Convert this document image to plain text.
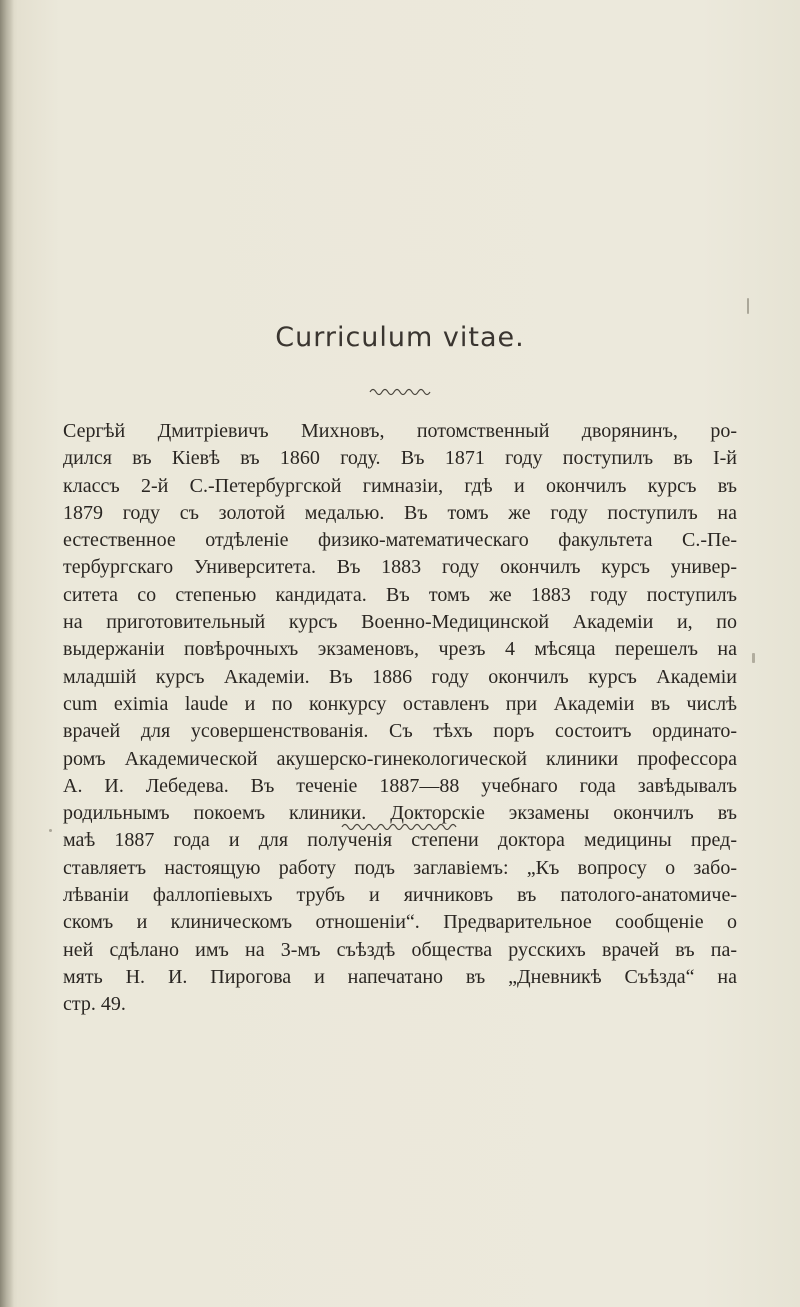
Curriculum vitae.
Сергѣй Дмитріевичъ Михновъ, потомственный дворянинъ, ро-
дился въ Кіевѣ въ 1860 году. Въ 1871 году поступилъ въ І-й
классъ 2-й С.-Петербургской гимназіи, гдѣ и окончилъ курсъ въ
1879 году съ золотой медалью. Въ томъ же году поступилъ на
естественное отдѣленіе физико-математическаго факультета С.-Пе-
тербургскаго Университета. Въ 1883 году окончилъ курсъ универ-
ситета со степенью кандидата. Въ томъ же 1883 году поступилъ
на приготовительный курсъ Военно-Медицинской Академіи и, по
выдержаніи повѣрочныхъ экзаменовъ, чрезъ 4 мѣсяца перешелъ на
младшій курсъ Академіи. Въ 1886 году окончилъ курсъ Академіи
cum eximia laude и по конкурсу оставленъ при Академіи въ числѣ
врачей для усовершенствованія. Съ тѣхъ поръ состоитъ ординато-
ромъ Академической акушерско-гинекологической клиники профессора
А. И. Лебедева. Въ теченіе 1887—88 учебнаго года завѣдывалъ
родильнымъ покоемъ клиники. Докторскіе экзамены окончилъ въ
маѣ 1887 года и для полученія степени доктора медицины пред-
ставляетъ настоящую работу подъ заглавіемъ: „Къ вопросу о забо-
лѣваніи фаллопіевыхъ трубъ и яичниковъ въ патолого-анатомиче-
скомъ и клиническомъ отношеніи“. Предварительное сообщеніе о
ней сдѣлано имъ на 3-мъ съѣздѣ общества русскихъ врачей въ па-
мять Н. И. Пирогова и напечатано въ „Дневникѣ Съѣзда“ на
стр. 49.
